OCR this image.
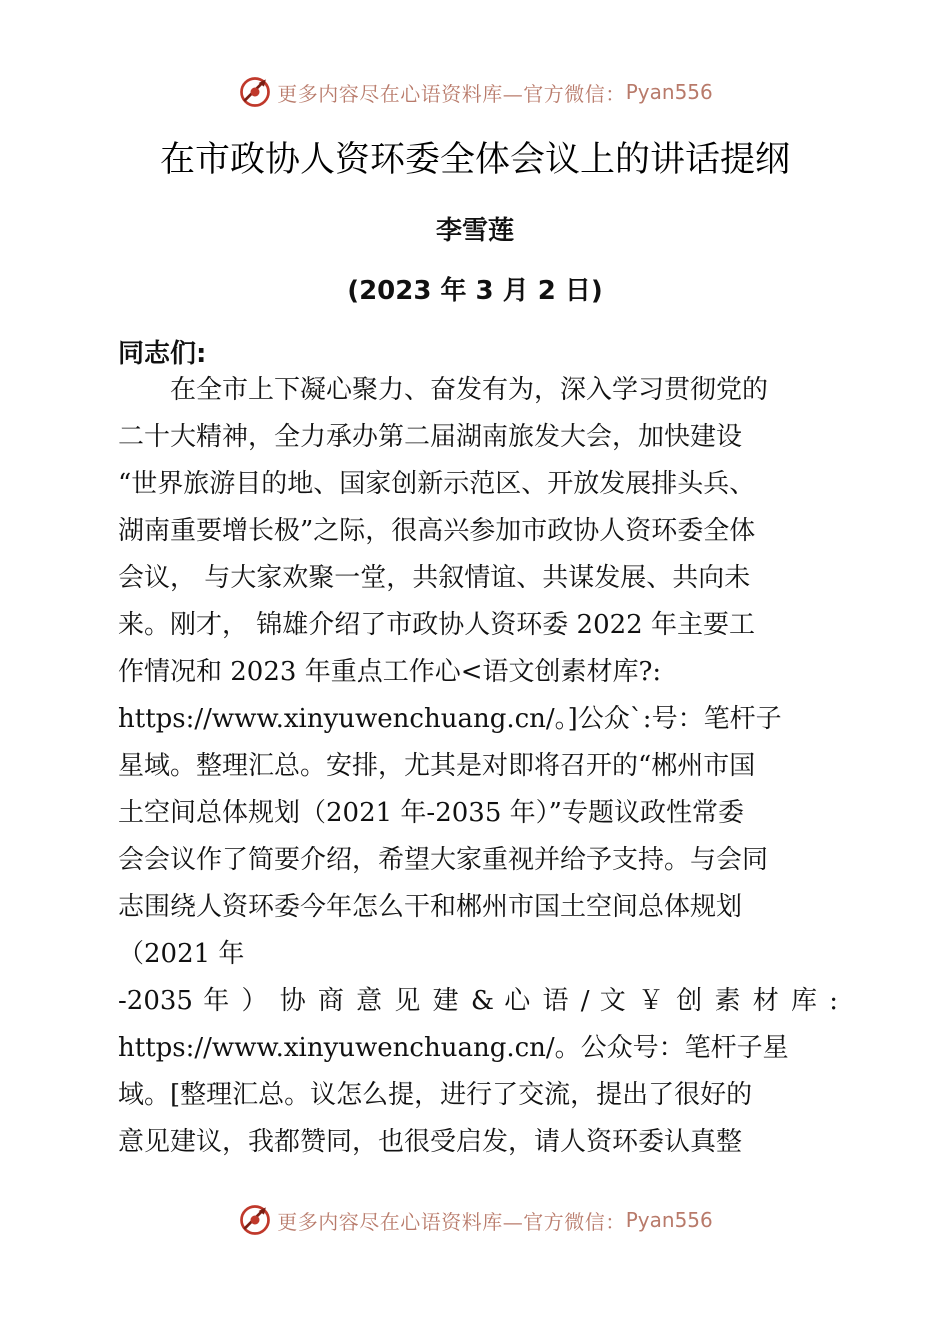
更多内容尽在心语资料库—官方微信： Pyan556
在市政协人资环委全体会议上的讲话提纲
李雪莲
(2023 年 3 月 2 日)
同志们:
　　在全市上下凝心聚力、奋发有为，深入学习贯彻党的
二十大精神，全力承办第二届湖南旅发大会，加快建设
“世界旅游目的地、国家创新示范区、开放发展排头兵、
湖南重要增长极”之际，很高兴参加市政协人资环委全体
会议， 与大家欢聚一堂，共叙情谊、共谋发展、共向未
来。刚才， 锦雄介绍了市政协人资环委 2022 年主要工
作情况和 2023 年重点工作心<语文创素材库?:
https://www.xinyuwenchuang.cn/。]公众`:号：笔杆子
星域。整理汇总。安排，尤其是对即将召开的“郴州市国
土空间总体规划（2021 年-2035 年）”专题议政性常委
会会议作了简要介绍，希望大家重视并给予支持。与会同
志围绕人资环委今年怎么干和郴州市国土空间总体规划
（2021 年
-2035 年 ） 协 商 意 见 建 & 心 语 / 文 ￥ 创 素 材 库 :
https://www.xinyuwenchuang.cn/。公众号：笔杆子星
域。[整理汇总。议怎么提，进行了交流，提出了很好的
意见建议，我都赞同，也很受启发，请人资环委认真整
更多内容尽在心语资料库—官方微信： Pyan556
